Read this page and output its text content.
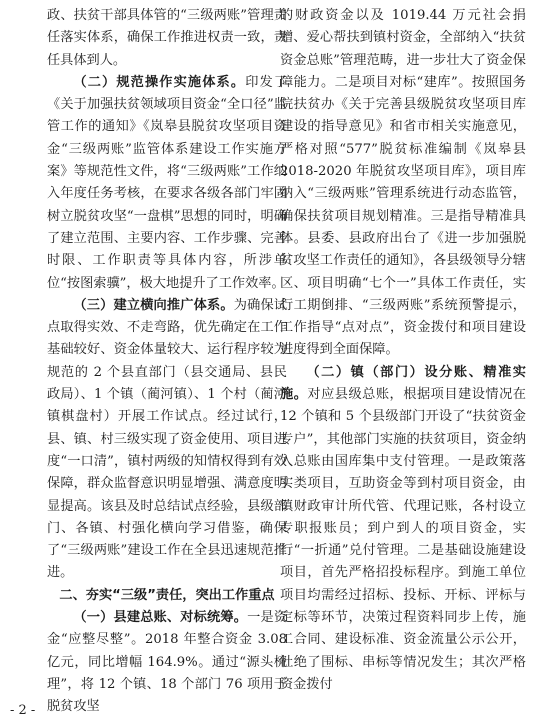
政、扶贫干部具体管的“三级两账”管理责任落实体系，确保工作推进权责一致，责任具体到人。

（二）规范操作实施体系。印发了《关于加强扶贫领域项目资金“全口径”监管工作的通知》《岚皋县脱贫攻坚项目资金“三级两账”监管体系建设工作实施方案》等规范性文件，将“三级两账”工作纳入年度任务考核，在要求各级各部门牢固树立脱贫攻坚“一盘棋”思想的同时，明确了建立范围、主要内容、工作步骤、完善时限、工作职责等具体内容，所涉单位“按图索骥”，极大地提升了工作效率。

（三）建立横向推广体系。为确保试点取得实效、不走弯路，优先确定在工作基础较好、资金体量较大、运行程序较为规范的 2 个县直部门（县交通局、县民政局）、1 个镇（蔺河镇）、1 个村（蔺河镇棋盘村）开展工作试点。经过试行，县、镇、村三级实现了资金使用、项目进度“一口清”，镇村两级的知情权得到有效保障，群众监督意识明显增强、满意度明显提高。该县及时总结试点经验，县级部门、各镇、村强化横向学习借鉴，确保了“三级两账”建设工作在全县迅速规范推进。

二、夯实“三级”责任，突出工作重点

（一）县建总账、对标统筹。一是资金“应整尽整”。2018 年整合资金 3.08 亿元，同比增幅 164.9%。通过“源头梳理”，将 12 个镇、18 个部门 76 项用于脱贫攻坚

的财政资金以及 1019.44 万元社会捐赠、爱心帮扶到镇村资金，全部纳入“扶贫资金总账”管理范畴，进一步壮大了资金保障能力。二是项目对标“建库”。按照国务院扶贫办《关于完善县级脱贫攻坚项目库建设的指导意见》和省市相关实施意见，严格对照“577”脱贫标准编制《岚皋县 2018-2020 年脱贫攻坚项目库》，项目库纳入“三级两账”管理系统进行动态监管，确保扶贫项目规划精准。三是指导精准具体。县委、县政府出台了《进一步加强脱贫攻坚工作责任的通知》，各县级领导分辖区、项目明确“七个一”具体工作责任，实行工期倒排、“三级两账”系统预警提示，工作指导“点对点”，资金拨付和项目建设进度得到全面保障。

（二）镇（部门）设分账、精准实施。对应县级总账，根据项目建设情况在 12 个镇和 5 个县级部门开设了“扶贫资金专户”，其他部门实施的扶贫项目，资金纳入总账由国库集中支付管理。一是政策落实类项目，互助资金等到村项目资金，由镇财政审计所代管、代理记账，各村设立专职报账员；到户到人的项目资金，实行“一折通”兑付管理。二是基础设施建设项目，首先严格招投标程序。到施工单位项目均需经过招标、投标、开标、评标与定标等环节，决策过程资料同步上传，施工合同、建设标准、资金流量公示公开，杜绝了围标、串标等情况发生；其次严格资金拨付

- 2 -
